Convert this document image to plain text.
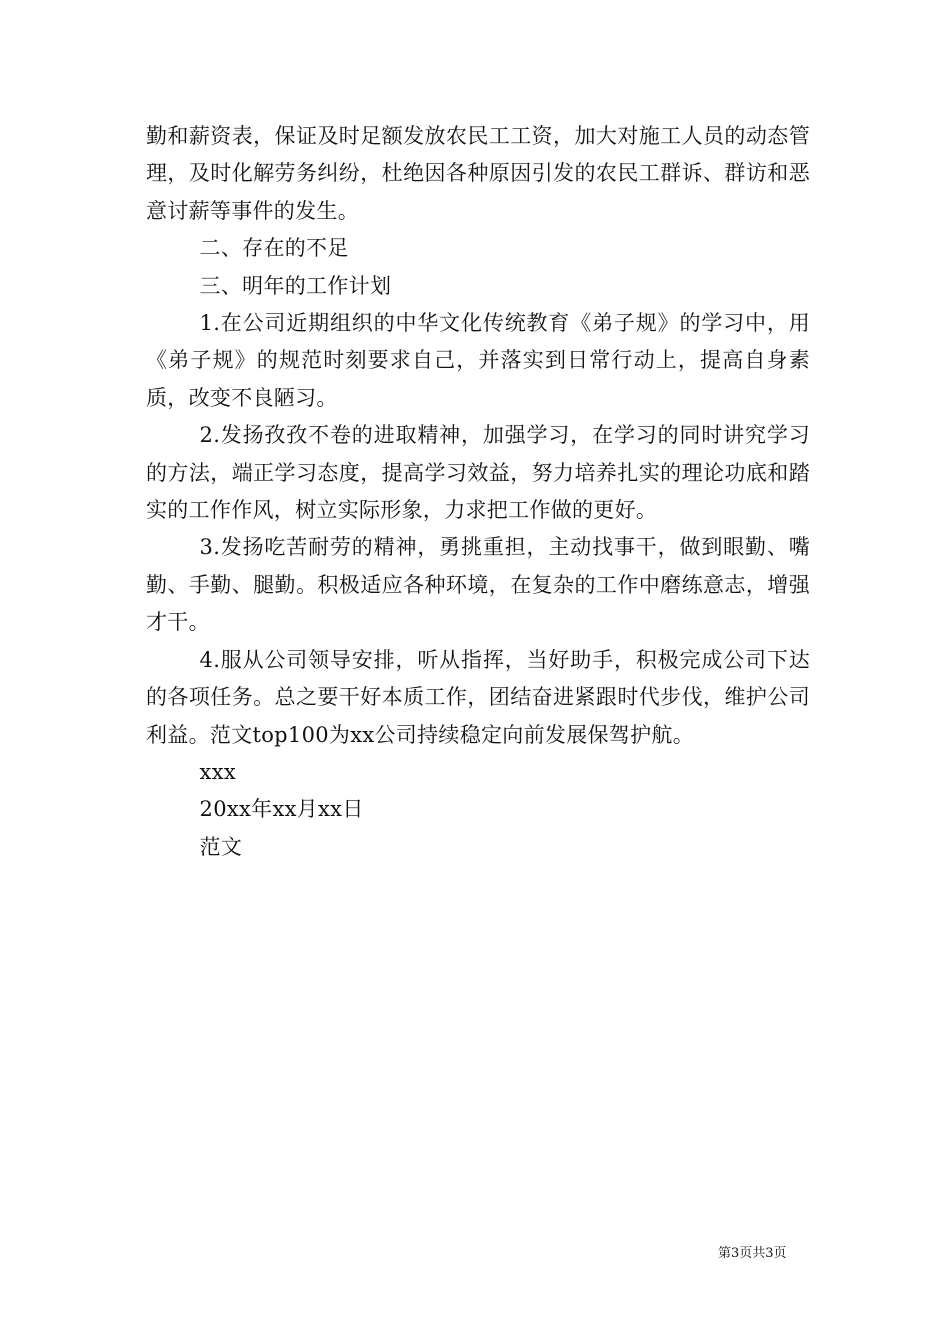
勤和薪资表，保证及时足额发放农民工工资，加大对施工人员的动态管理，及时化解劳务纠纷，杜绝因各种原因引发的农民工群诉、群访和恶意讨薪等事件的发生。

二、存在的不足

三、明年的工作计划

1.在公司近期组织的中华文化传统教育《弟子规》的学习中，用《弟子规》的规范时刻要求自己，并落实到日常行动上，提高自身素质，改变不良陋习。

2.发扬孜孜不卷的进取精神，加强学习，在学习的同时讲究学习的方法，端正学习态度，提高学习效益，努力培养扎实的理论功底和踏实的工作作风，树立实际形象，力求把工作做的更好。

3.发扬吃苦耐劳的精神，勇挑重担，主动找事干，做到眼勤、嘴勤、手勤、腿勤。积极适应各种环境，在复杂的工作中磨练意志，增强才干。

4.服从公司领导安排，听从指挥，当好助手，积极完成公司下达的各项任务。总之要干好本质工作，团结奋进紧跟时代步伐，维护公司利益。范文top100为xx公司持续稳定向前发展保驾护航。

xxx

20xx年xx月xx日

范文

第3页共3页
